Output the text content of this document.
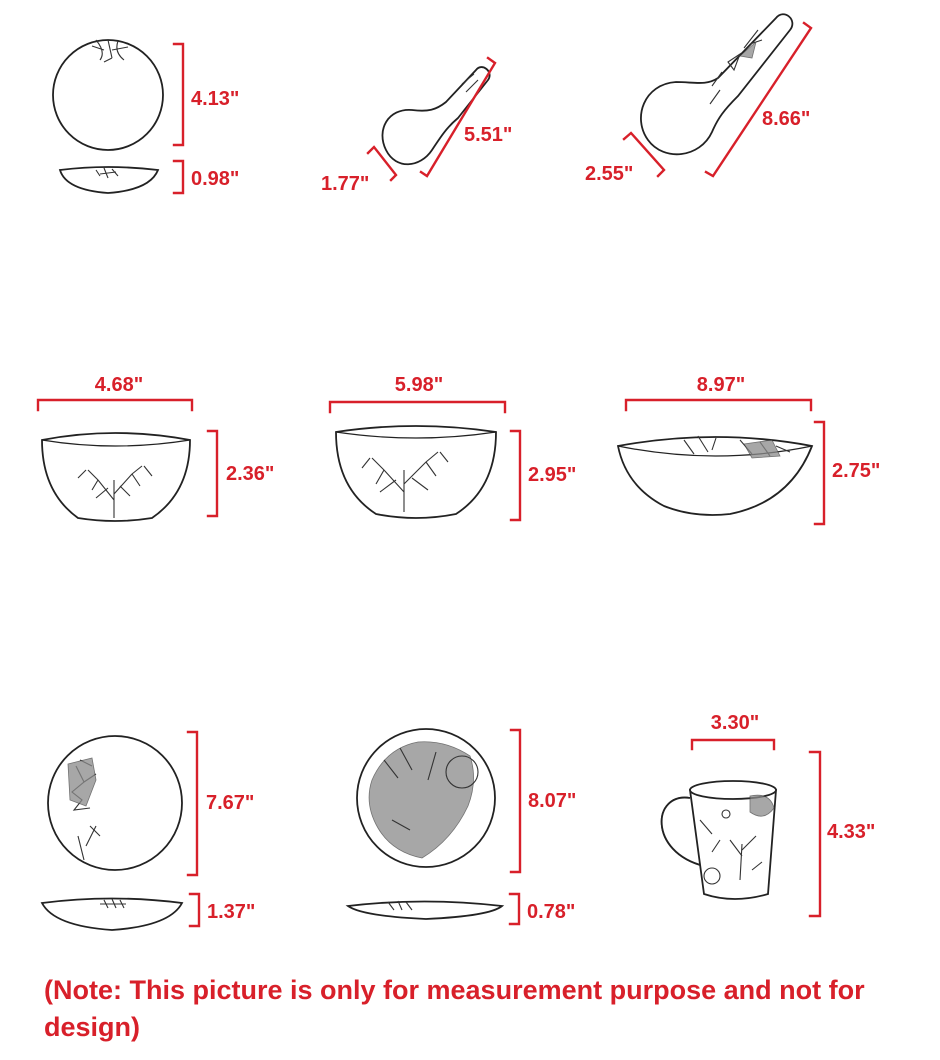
4.13"
0.98"	1.77"
5.51"
2.55"
8.66"
4.68"
2.36"
5.98"
2.95"
8.97"
2.75"
7.67"
1.37"
8.07"
0.78"
3.30"
4.33"

(Note: This picture is only for measurement purpose and not for design)
